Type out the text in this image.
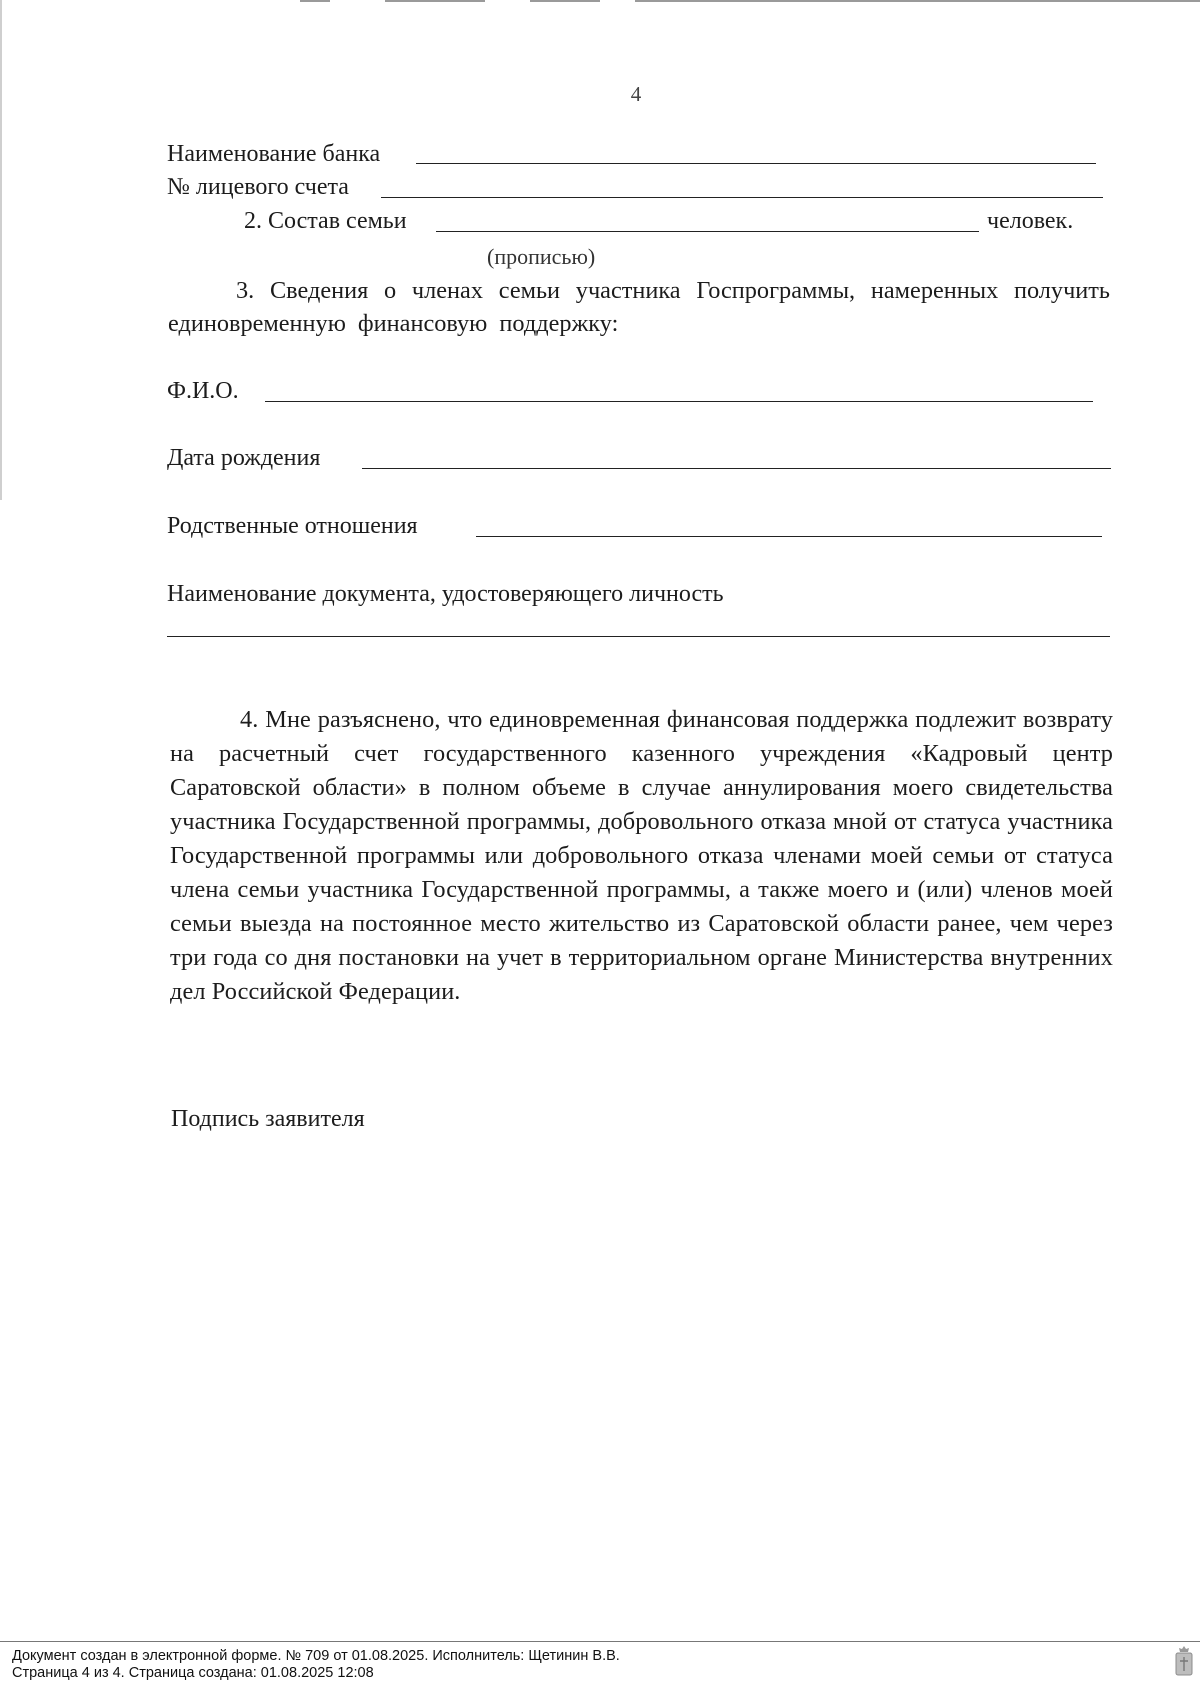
4
Наименование банка
№ лицевого счета
2. Состав семьи	человек.
(прописью)
3. Сведения о членах семьи участника Госпрограммы, намеренных получить единовременную финансовую поддержку:
Ф.И.О.
Дата рождения
Родственные отношения
Наименование документа, удостоверяющего личность
4. Мне разъяснено, что единовременная финансовая поддержка подлежит возврату на расчетный счет государственного казенного учреждения «Кадровый центр Саратовской области» в полном объеме в случае аннулирования моего свидетельства участника Государственной программы, добровольного отказа мной от статуса участника Государственной программы или добровольного отказа членами моей семьи от статуса члена семьи участника Государственной программы, а также моего и (или) членов моей семьи выезда на постоянное место жительство из Саратовской области ранее, чем через три года со дня постановки на учет в территориальном органе Министерства внутренних дел Российской Федерации.
Подпись заявителя
Документ создан в электронной форме. № 709 от 01.08.2025. Исполнитель: Щетинин В.В.
Страница 4 из 4. Страница создана: 01.08.2025 12:08
